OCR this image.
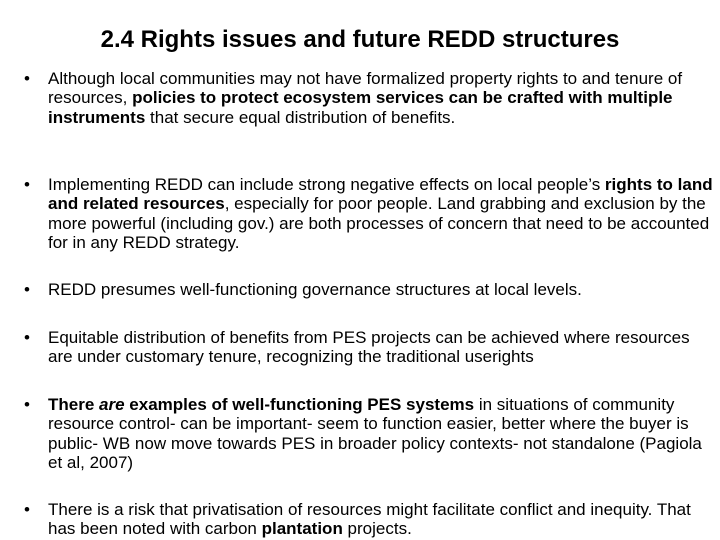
2.4 Rights issues and future REDD structures
•	Although local communities may not have formalized property rights to and tenure of resources, policies to protect ecosystem services can be crafted with multiple instruments that secure equal distribution of benefits.
•	Implementing REDD can include strong negative effects on local people’s rights to land and related resources, especially for poor people. Land grabbing and exclusion by the more powerful (including gov.) are both processes of concern that need to be accounted for in any REDD strategy.
•	REDD presumes well-functioning governance structures at local levels.
•	Equitable distribution of benefits from PES projects can be achieved where resources are under customary tenure, recognizing the traditional userights
•	There are examples of well-functioning PES systems in situations of community resource control- can be important- seem to function easier, better where the buyer is public- WB now move towards PES in broader policy contexts- not standalone (Pagiola et al, 2007)
•	There is a risk that privatisation of resources might facilitate conflict and inequity. That has been noted with carbon plantation projects.
